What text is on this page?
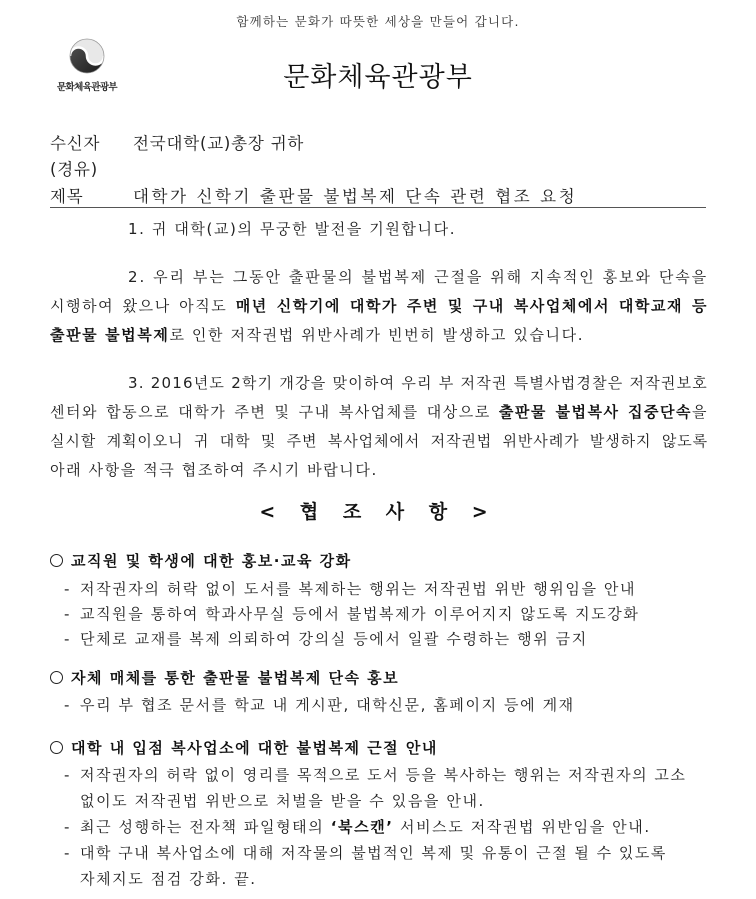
함께하는 문화가 따뜻한 세상을 만들어 갑니다.
문화체육관광부	문화체육관광부
수신자 전국대학(교)총장 귀하
(경유)
제목	대학가 신학기 출판물 불법복제 단속 관련 협조 요청
1. 귀 대학(교)의 무궁한 발전을 기원합니다.
2. 우리 부는 그동안 출판물의 불법복제 근절을 위해 지속적인 홍보와 단속을
시행하여 왔으나 아직도 매년 신학기에 대학가 주변 및 구내 복사업체에서 대학교재 등
출판물 불법복제로 인한 저작권법 위반사례가 빈번히 발생하고 있습니다.
3. 2016년도 2학기 개강을 맞이하여 우리 부 저작권 특별사법경찰은 저작권보호
센터와 합동으로 대학가 주변 및 구내 복사업체를 대상으로 출판물 불법복사 집중단속을
실시할 계획이오니 귀 대학 및 주변 복사업체에서 저작권법 위반사례가 발생하지 않도록
아래 사항을 적극 협조하여 주시기 바랍니다.
< 협 조 사 항 >
교직원 및 학생에 대한 홍보·교육 강화
- 저작권자의 허락 없이 도서를 복제하는 행위는 저작권법 위반 행위임을 안내
- 교직원을 통하여 학과사무실 등에서 불법복제가 이루어지지 않도록 지도강화
- 단체로 교재를 복제 의뢰하여 강의실 등에서 일괄 수령하는 행위 금지
자체 매체를 통한 출판물 불법복제 단속 홍보
- 우리 부 협조 문서를 학교 내 게시판, 대학신문, 홈페이지 등에 게재
대학 내 입점 복사업소에 대한 불법복제 근절 안내
- 저작권자의 허락 없이 영리를 목적으로 도서 등을 복사하는 행위는 저작권자의 고소
없이도 저작권법 위반으로 처벌을 받을 수 있음을 안내.
- 최근 성행하는 전자책 파일형태의 ‘북스캔’ 서비스도 저작권법 위반임을 안내.
- 대학 구내 복사업소에 대해 저작물의 불법적인 복제 및 유통이 근절 될 수 있도록
자체지도 점검 강화. 끝.
